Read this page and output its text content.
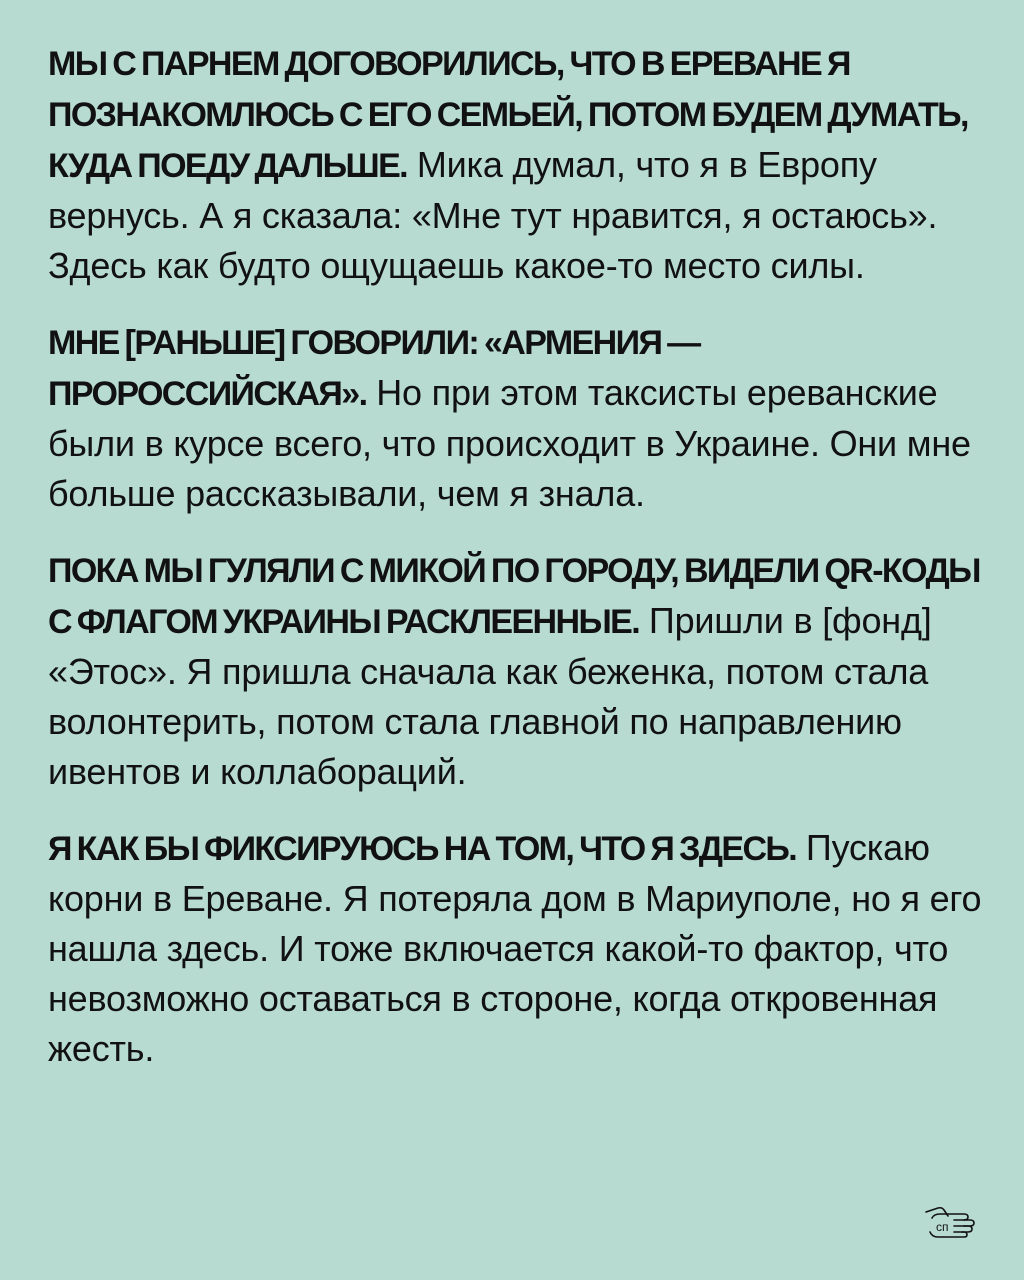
МЫ С ПАРНЕМ ДОГОВОРИЛИСЬ, ЧТО В ЕРЕВАНЕ Я ПОЗНАКОМЛЮСЬ С ЕГО СЕМЬЕЙ, ПОТОМ БУДЕМ ДУМАТЬ, КУДА ПОЕДУ ДАЛЬШЕ. Мика думал, что я в Европу вернусь. А я сказала: «Мне тут нравится, я остаюсь». Здесь как будто ощущаешь какое-то место силы.

МНЕ [РАНЬШЕ] ГОВОРИЛИ: «АРМЕНИЯ — ПРОРОССИЙСКАЯ». Но при этом таксисты ереванские были в курсе всего, что происходит в Украине. Они мне больше рассказывали, чем я знала.

ПОКА МЫ ГУЛЯЛИ С МИКОЙ ПО ГОРОДУ, ВИДЕЛИ QR-КОДЫ С ФЛАГОМ УКРАИНЫ РАСКЛЕЕННЫЕ. Пришли в [фонд] «Этос». Я пришла сначала как беженка, потом стала волонтерить, потом стала главной по направлению ивентов и коллабораций.

Я КАК БЫ ФИКСИРУЮСЬ НА ТОМ, ЧТО Я ЗДЕСЬ. Пускаю корни в Ереване. Я потеряла дом в Мариуполе, но я его нашла здесь. И тоже включается какой-то фактор, что невозможно оставаться в стороне, когда откровенная жесть.

сп
